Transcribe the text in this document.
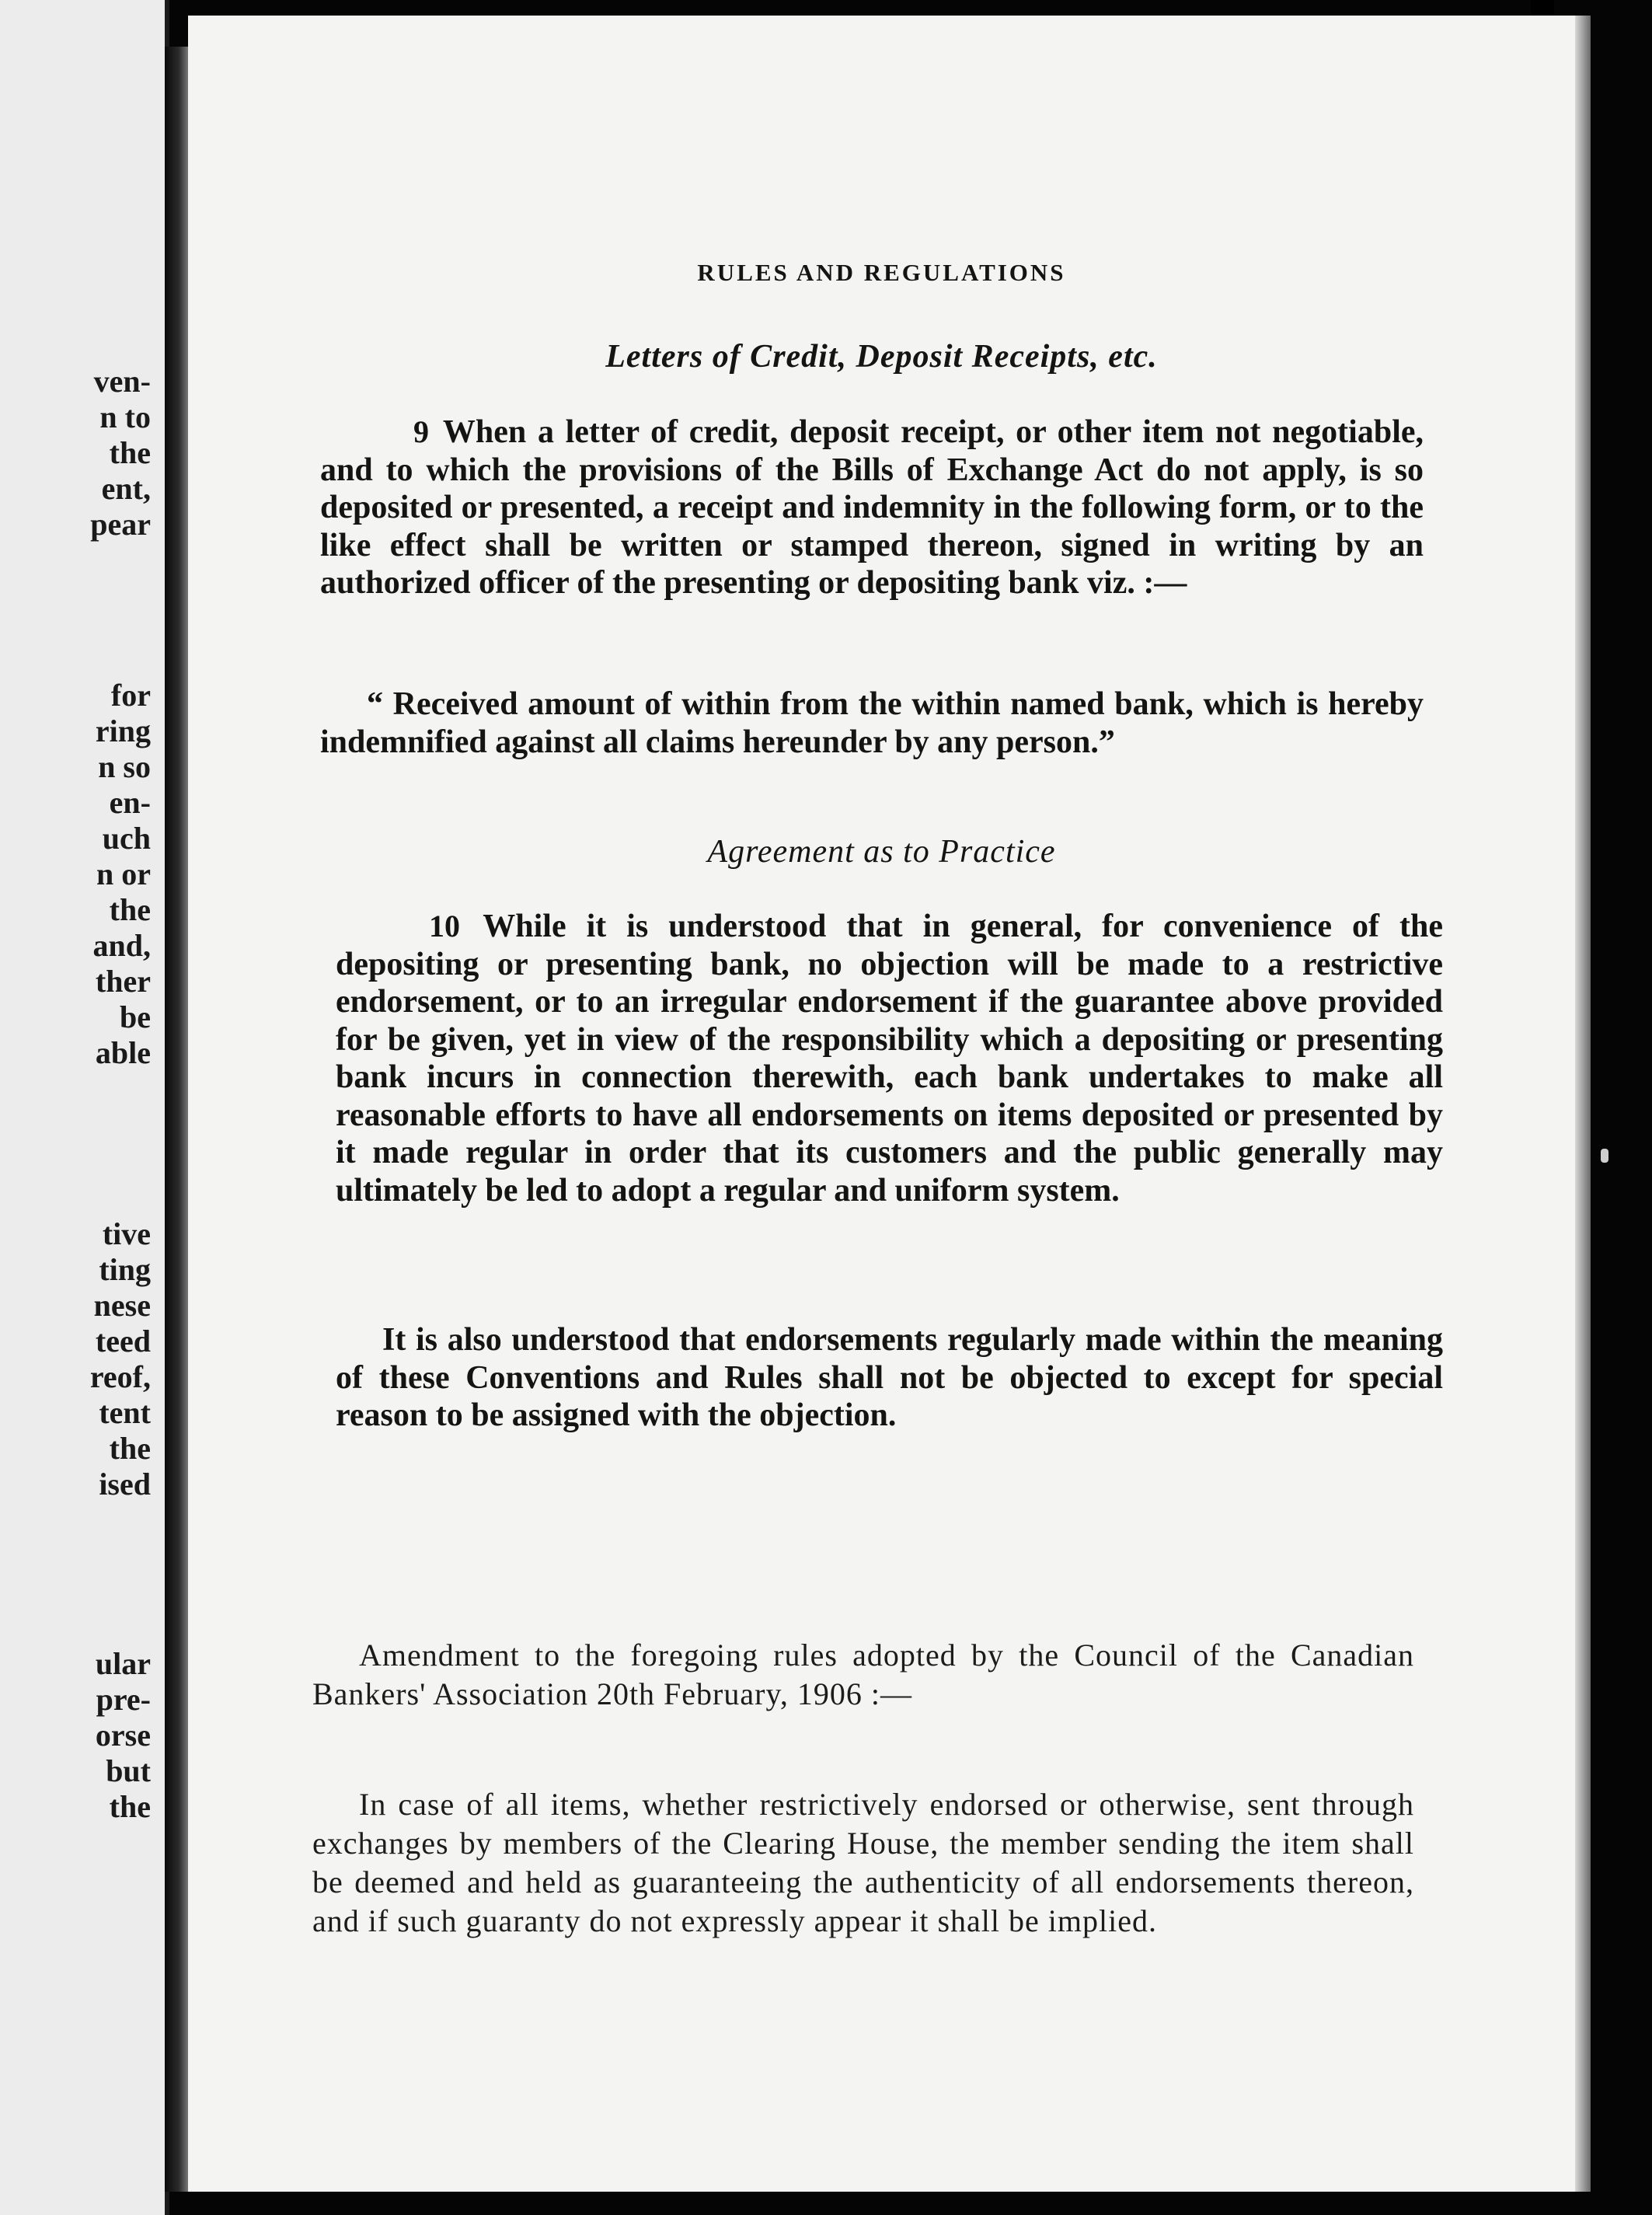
ven-
n to
the
ent,
pear

for
ring
n so
en-
uch
n or
the
and,
ther
be
able

tive
ting
nese
teed
reof,
tent
the
ised

ular
pre-
orse
but
the

RULES AND REGULATIONS

Letters of Credit, Deposit Receipts, etc.

9 When a letter of credit, deposit receipt, or other item not negotiable, and to which the provisions of the Bills of Exchange Act do not apply, is so deposited or presented, a receipt and indemnity in the following form, or to the like effect shall be written or stamped thereon, signed in writing by an authorized officer of the presenting or depositing bank viz. :—

“ Received amount of within from the within named bank, which is hereby indemnified against all claims hereunder by any person.”

Agreement as to Practice

10 While it is understood that in general, for convenience of the depositing or presenting bank, no objection will be made to a restrictive endorsement, or to an irregular endorsement if the guarantee above provided for be given, yet in view of the responsibility which a depositing or presenting bank incurs in connection therewith, each bank undertakes to make all reasonable efforts to have all endorsements on items deposited or presented by it made regular in order that its customers and the public generally may ultimately be led to adopt a regular and uniform system.

It is also understood that endorsements regularly made within the meaning of these Conventions and Rules shall not be objected to except for special reason to be assigned with the objection.

Amendment to the foregoing rules adopted by the Council of the Canadian Bankers' Association 20th February, 1906 :—

In case of all items, whether restrictively endorsed or otherwise, sent through exchanges by members of the Clearing House, the member sending the item shall be deemed and held as guaranteeing the authenticity of all endorsements thereon, and if such guaranty do not expressly appear it shall be implied.
